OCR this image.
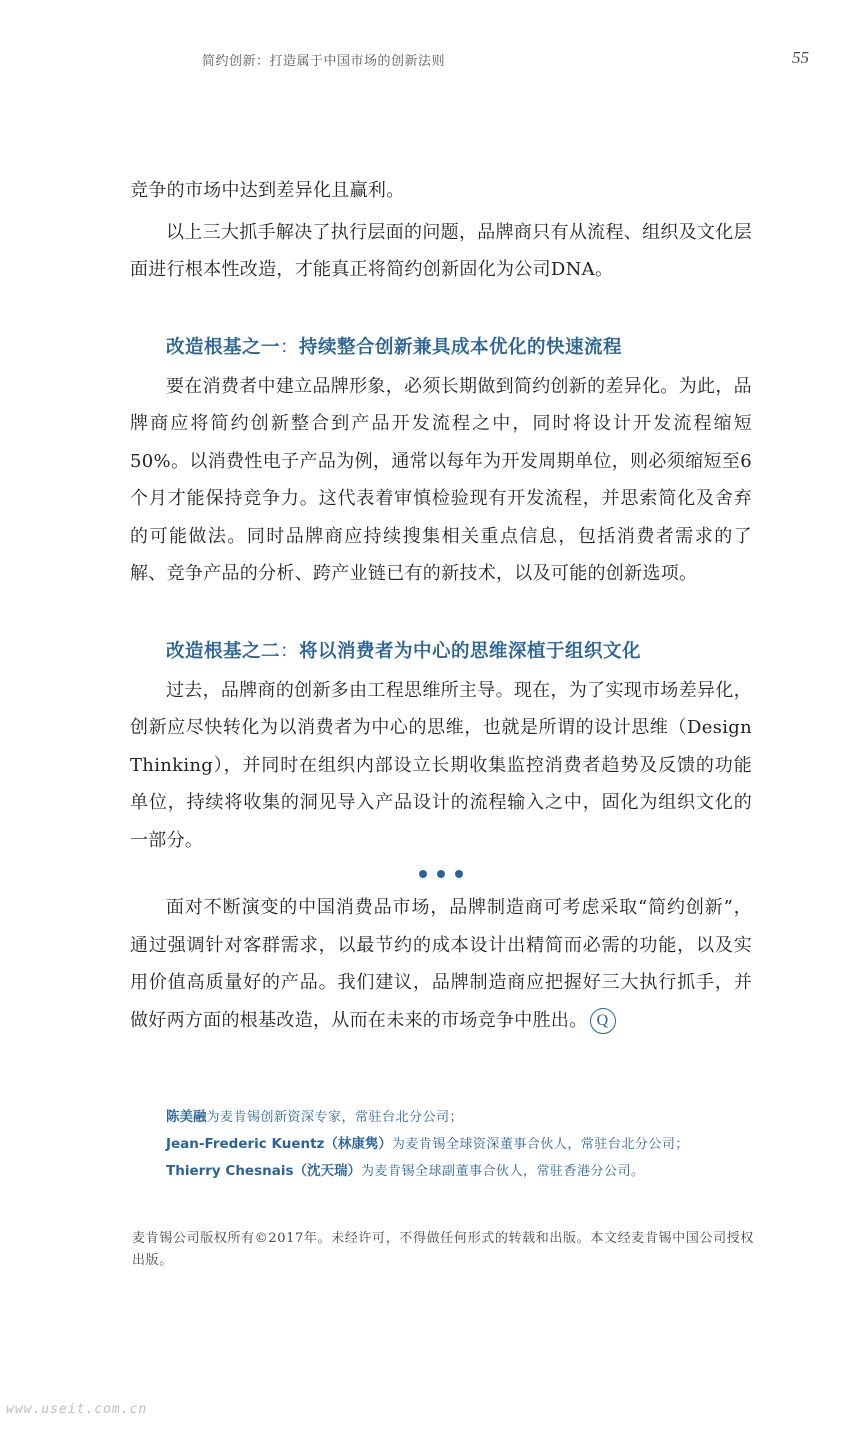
简约创新：打造属于中国市场的创新法则	55

竞争的市场中达到差异化且赢利。

以上三大抓手解决了执行层面的问题，品牌商只有从流程、组织及文化层面进行根本性改造，才能真正将简约创新固化为公司DNA。

改造根基之一：持续整合创新兼具成本优化的快速流程

要在消费者中建立品牌形象，必须长期做到简约创新的差异化。为此，品牌商应将简约创新整合到产品开发流程之中，同时将设计开发流程缩短50%。以消费性电子产品为例，通常以每年为开发周期单位，则必须缩短至6个月才能保持竞争力。这代表着审慎检验现有开发流程，并思索简化及舍弃的可能做法。同时品牌商应持续搜集相关重点信息，包括消费者需求的了解、竞争产品的分析、跨产业链已有的新技术，以及可能的创新选项。

改造根基之二：将以消费者为中心的思维深植于组织文化

过去，品牌商的创新多由工程思维所主导。现在，为了实现市场差异化，创新应尽快转化为以消费者为中心的思维，也就是所谓的设计思维（Design Thinking），并同时在组织内部设立长期收集监控消费者趋势及反馈的功能单位，持续将收集的洞见导入产品设计的流程输入之中，固化为组织文化的一部分。

面对不断演变的中国消费品市场，品牌制造商可考虑采取“简约创新”，通过强调针对客群需求，以最节约的成本设计出精简而必需的功能，以及实用价值高质量好的产品。我们建议，品牌制造商应把握好三大执行抓手，并做好两方面的根基改造，从而在未来的市场竞争中胜出。 Q

陈美融为麦肯锡创新资深专家，常驻台北分公司；
Jean-Frederic Kuentz（林康隽）为麦肯锡全球资深董事合伙人，常驻台北分公司；
Thierry Chesnais（沈天瑞）为麦肯锡全球副董事合伙人，常驻香港分公司。
麦肯锡公司版权所有©2017年。未经许可，不得做任何形式的转载和出版。本文经麦肯锡中国公司授权出版。
www.useit.com.cn
